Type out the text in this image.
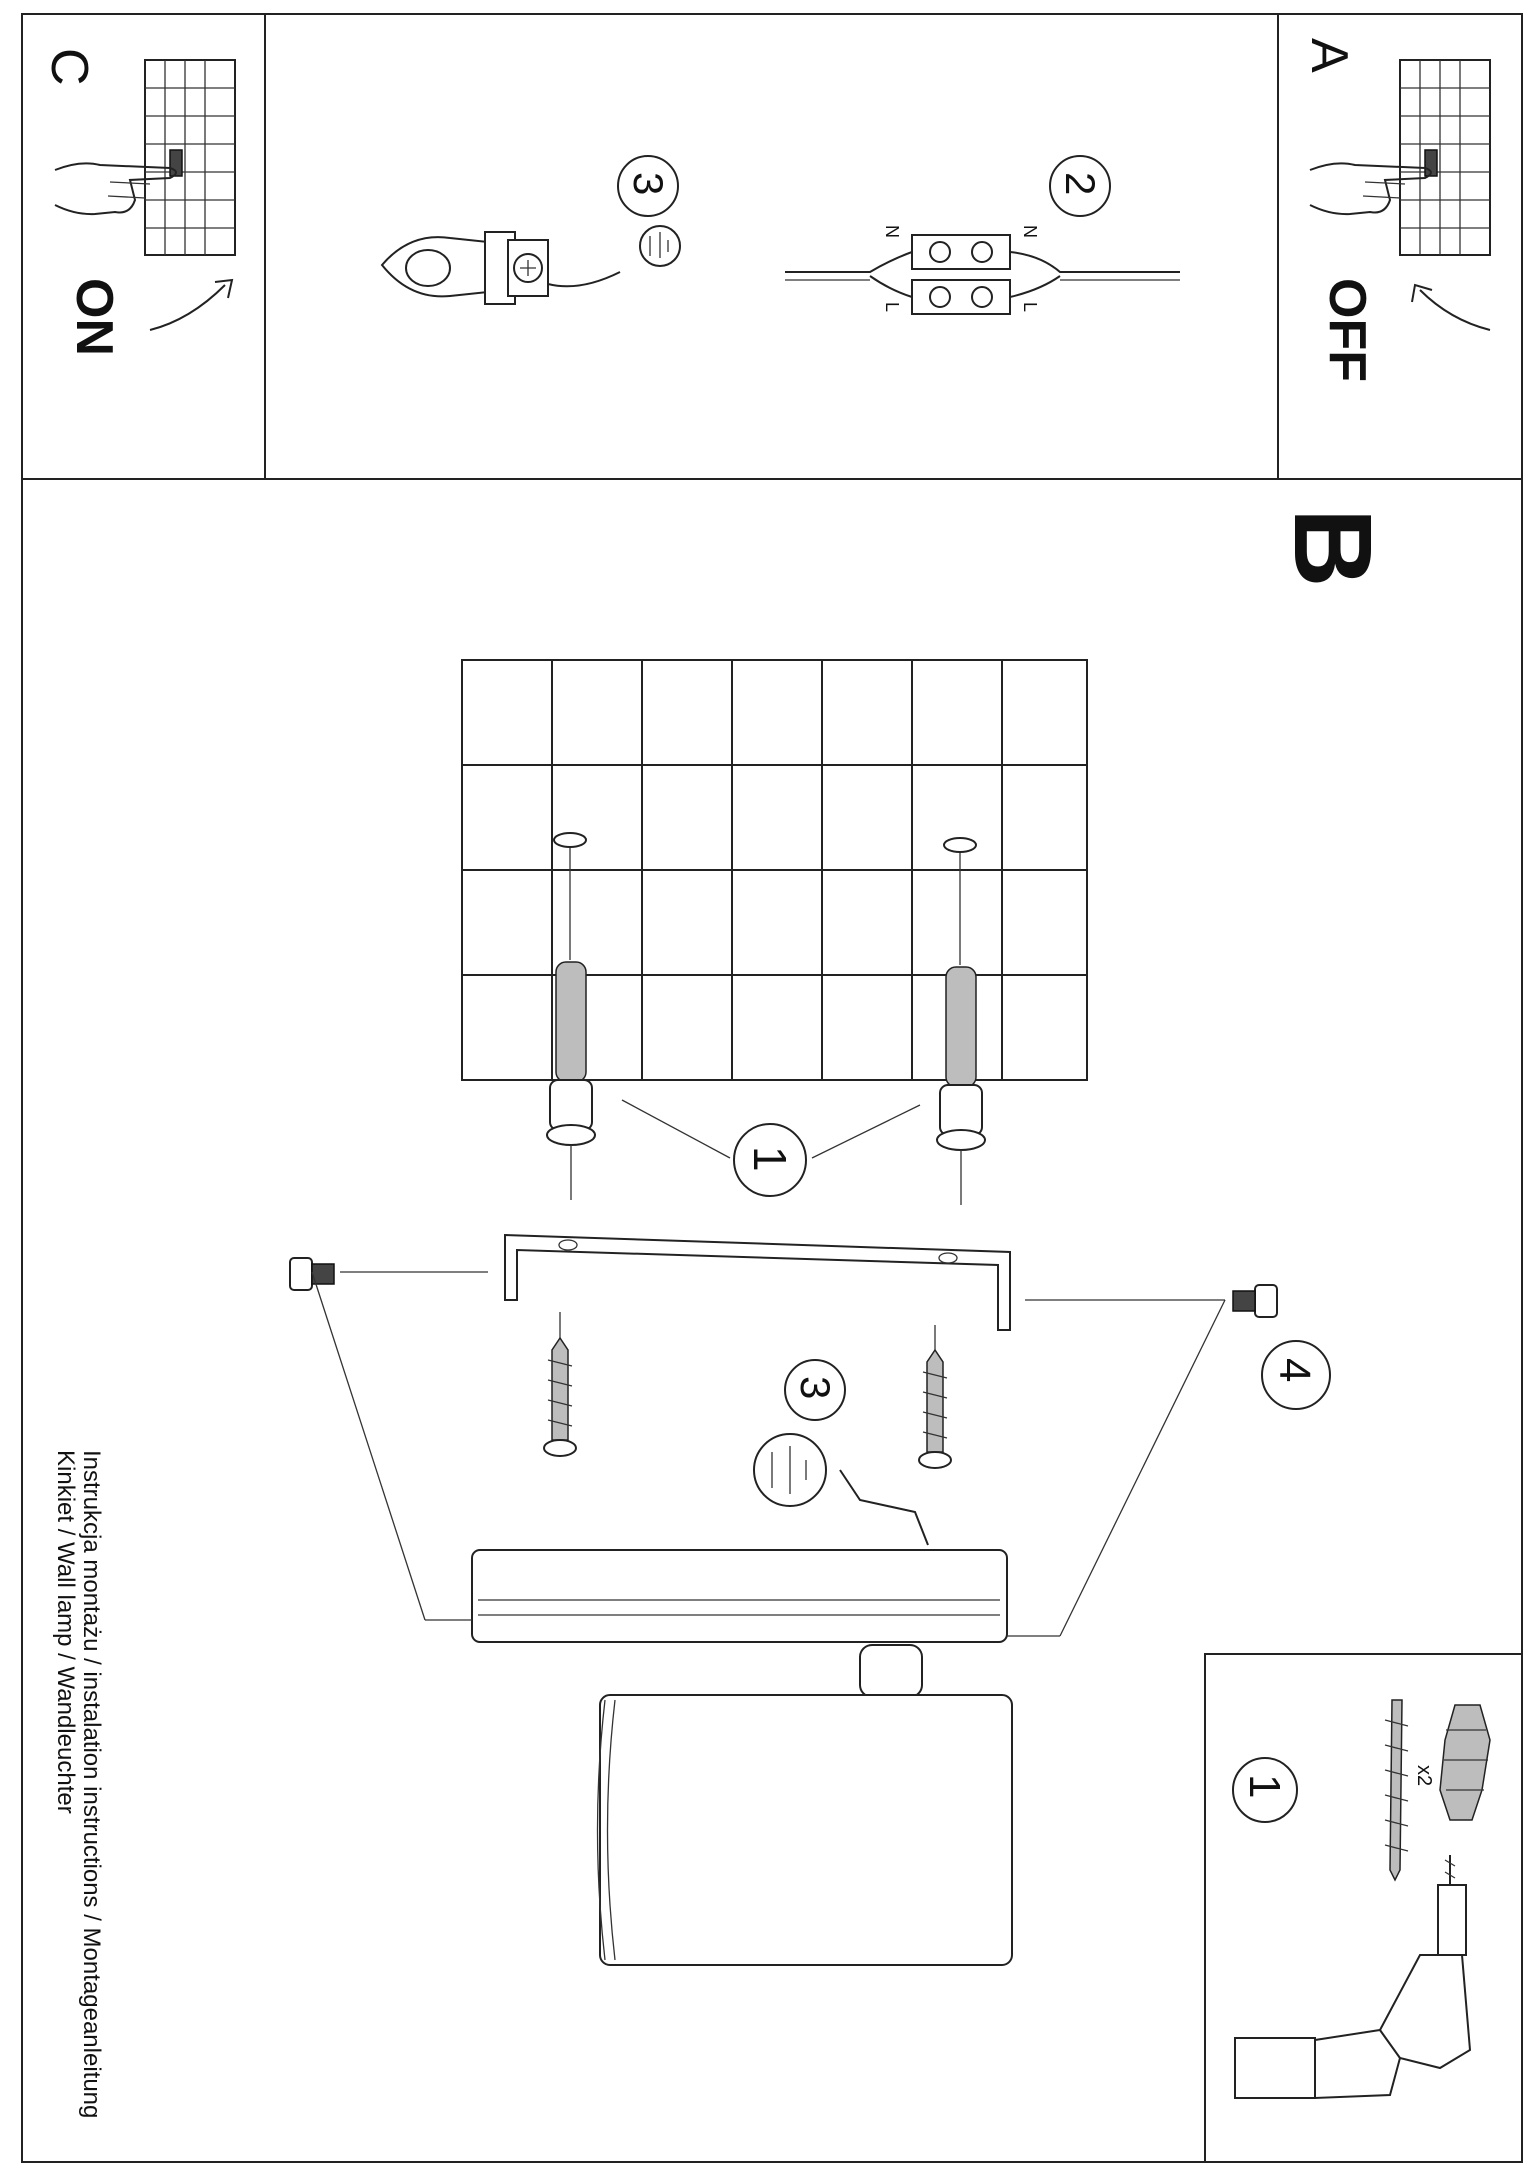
C
ON
A
OFF
3	2
N
L
N
L
B
1
4
3
Instrukcja montażu / instalation instructions / Montageanleitung
Kinkiet / Wall lamp / Wandleuchter	1	x2
